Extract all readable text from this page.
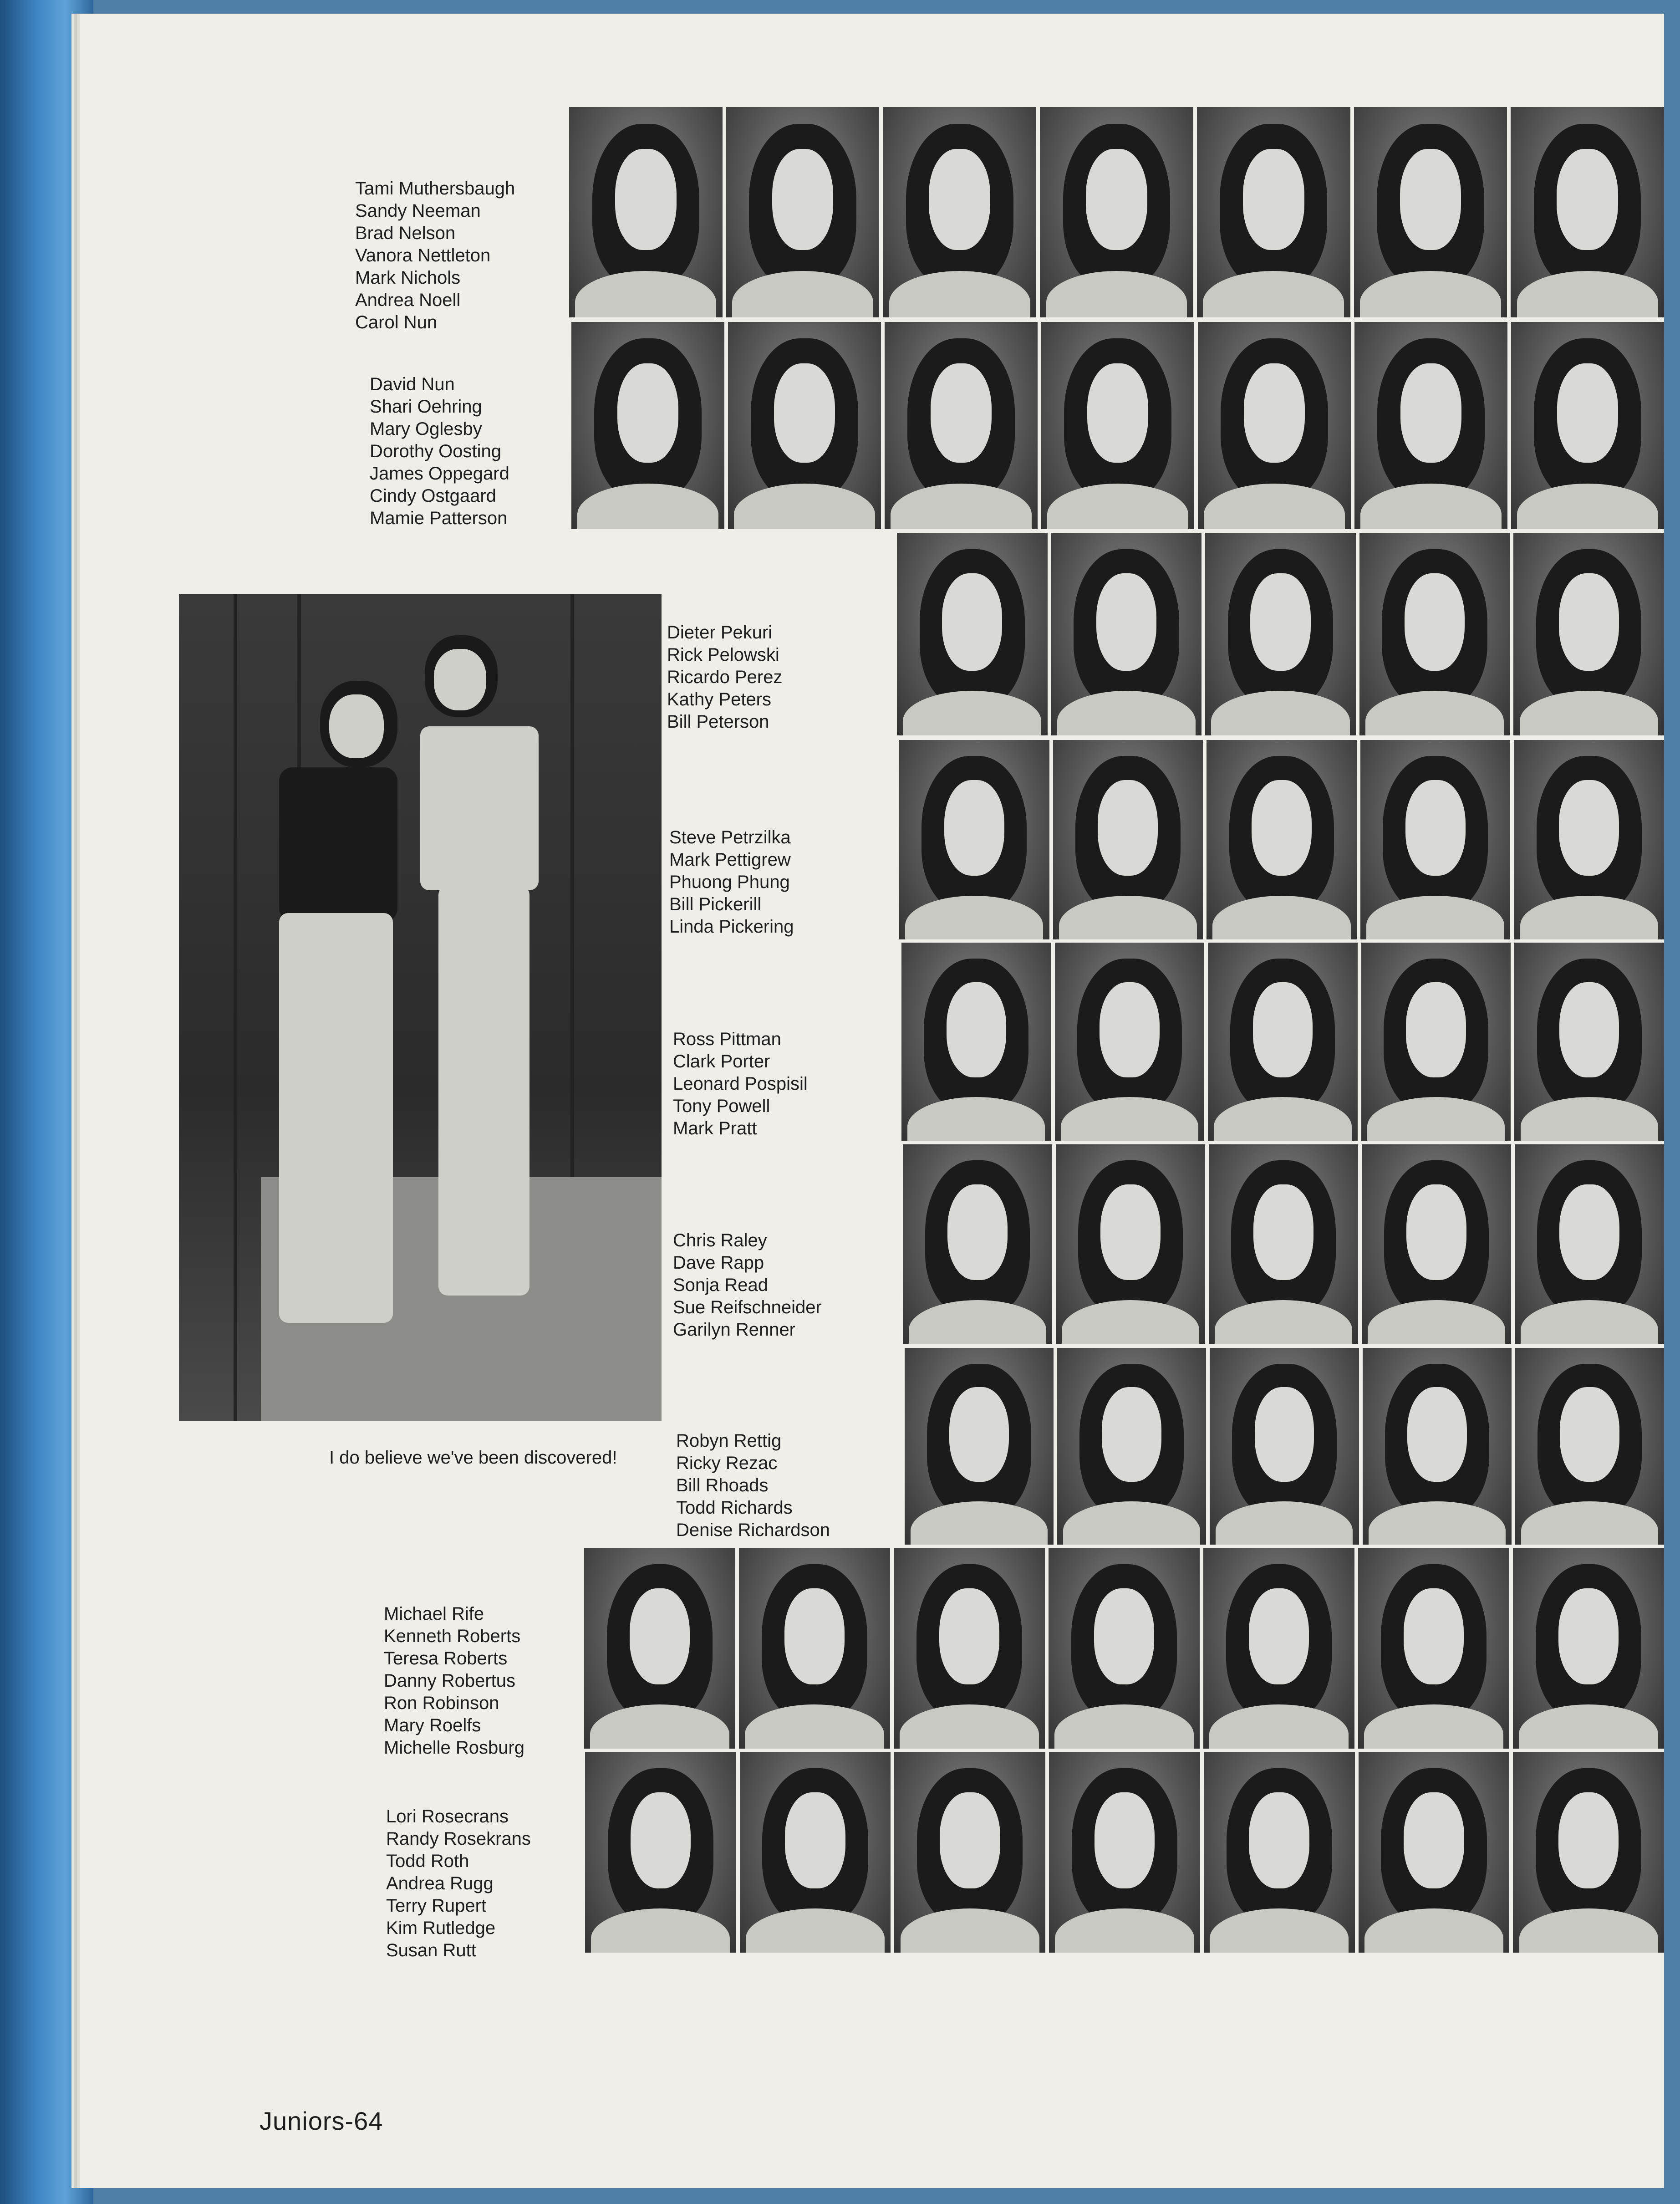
Tami Muthersbaugh
Sandy Neeman
Brad Nelson
Vanora Nettleton
Mark Nichols
Andrea Noell
Carol Nun
David Nun
Shari Oehring
Mary Oglesby
Dorothy Oosting
James Oppegard
Cindy Ostgaard
Mamie Patterson
Dieter Pekuri
Rick Pelowski
Ricardo Perez
Kathy Peters
Bill Peterson
Steve Petrzilka
Mark Pettigrew
Phuong Phung
Bill Pickerill
Linda Pickering
Ross Pittman
Clark Porter
Leonard Pospisil
Tony Powell
Mark Pratt
Chris Raley
Dave Rapp
Sonja Read
Sue Reifschneider
Garilyn Renner
Robyn Rettig
Ricky Rezac
Bill Rhoads
Todd Richards
Denise Richardson
Michael Rife
Kenneth Roberts
Teresa Roberts
Danny Robertus
Ron Robinson
Mary Roelfs
Michelle Rosburg
Lori Rosecrans
Randy Rosekrans
Todd Roth
Andrea Rugg
Terry Rupert
Kim Rutledge
Susan Rutt
I do believe we've been discovered!
Juniors-64
